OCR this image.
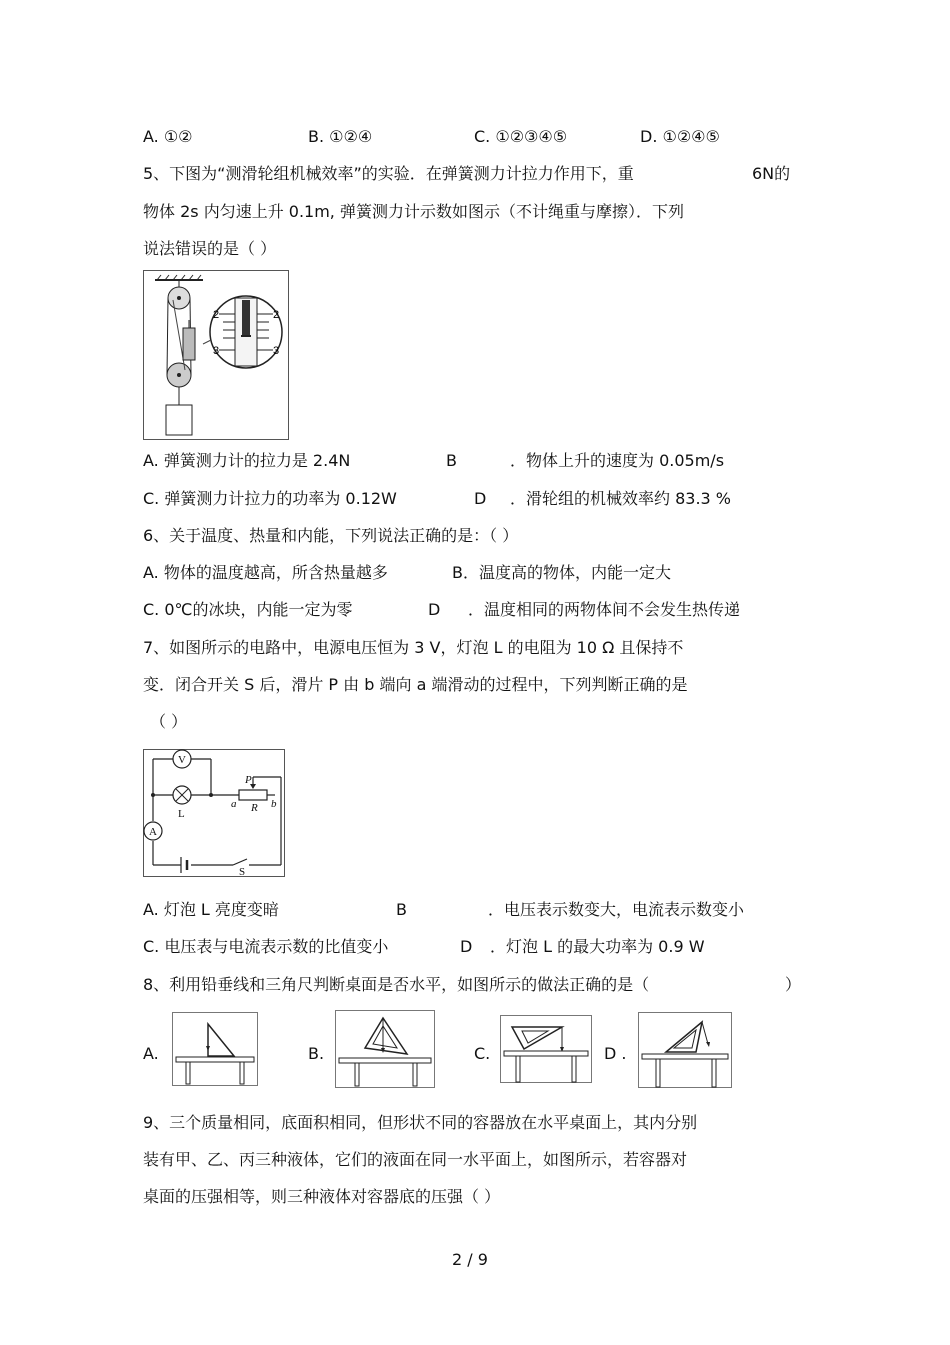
A. ①②	B. ①②④	C. ①②③④⑤	D. ①②④⑤
5、下图为“测滑轮组机械效率”的实验．在弹簧测力计拉力作用下，重	6N的
物体 2s 内匀速上升 0.1m, 弹簧测力计示数如图示（不计绳重与摩擦）．下列
说法错误的是（ ）
2	2
3	3
A. 弹簧测力计的拉力是 2.4N	B	．物体上升的速度为 0.05m/s
C. 弹簧测力计拉力的功率为 0.12W	D ．滑轮组的机械效率约 83.3 %
6、关于温度、热量和内能，下列说法正确的是：（ ）
A. 物体的温度越高，所含热量越多	B．温度高的物体，内能一定大
C. 0℃的冰块，内能一定为零	D ．温度相同的两物体间不会发生热传递
7、如图所示的电路中，电源电压恒为 3 V，灯泡 L 的电阻为 10 Ω 且保持不
变．闭合开关 S 后，滑片 P 由 b 端向 a 端滑动的过程中，下列判断正确的是
（ ）
V
A
L
P
a R b
S
A. 灯泡 L 亮度变暗	B	．电压表示数变大，电流表示数变小
C. 电压表与电流表示数的比值变小	D ．灯泡 L 的最大功率为 0.9 W
8、利用铅垂线和三角尺判断桌面是否水平，如图所示的做法正确的是（	）
A.	B.	C.	D .
9、三个质量相同，底面积相同，但形状不同的容器放在水平桌面上，其内分别
装有甲、乙、丙三种液体，它们的液面在同一水平面上，如图所示，若容器对
桌面的压强相等，则三种液体对容器底的压强（ ）
2 / 9
